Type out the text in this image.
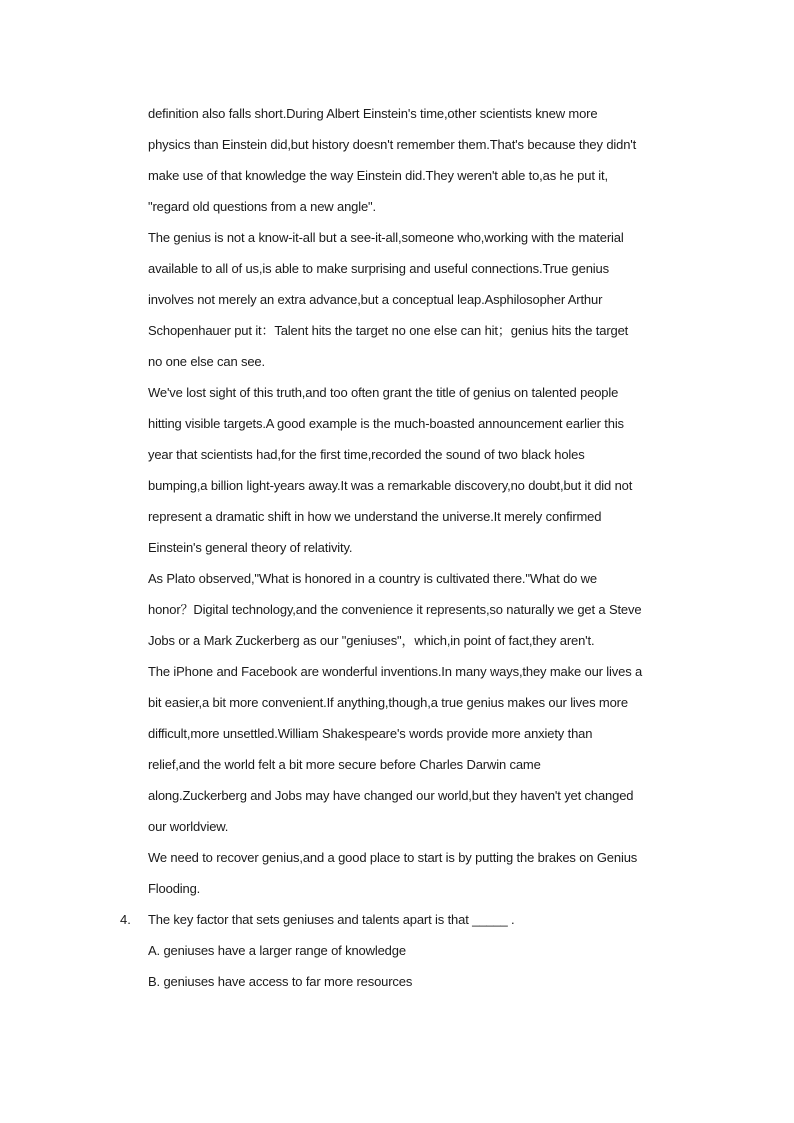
definition also falls short.During Albert Einstein's time,other scientists knew more
physics than Einstein did,but history doesn't remember them.That's because they didn't
make use of that knowledge the way Einstein did.They weren't able to,as he put it,
"regard old questions from a new angle".
The genius is not a know-it-all but a see-it-all,someone who,working with the material
available to all of us,is able to make surprising and useful connections.True genius
involves not merely an extra advance,but a conceptual leap.Asphilosopher Arthur
Schopenhauer put it：Talent hits the target no one else can hit；genius hits the target
no one else can see.
We've lost sight of this truth,and too often grant the title of genius on talented people
hitting visible targets.A good example is the much-boasted announcement earlier this
year that scientists had,for the first time,recorded the sound of two black holes
bumping,a billion light-years away.It was a remarkable discovery,no doubt,but it did not
represent a dramatic shift in how we understand the universe.It merely confirmed
Einstein's general theory of relativity.
As Plato observed,"What is honored in a country is cultivated there."What do we
honor？Digital technology,and the convenience it represents,so naturally we get a Steve
Jobs or a Mark Zuckerberg as our "geniuses"，which,in point of fact,they aren't.
The iPhone and Facebook are wonderful inventions.In many ways,they make our lives a
bit easier,a bit more convenient.If anything,though,a true genius makes our lives more
difficult,more unsettled.William Shakespeare's words provide more anxiety than
relief,and the world felt a bit more secure before Charles Darwin came
along.Zuckerberg and Jobs may have changed our world,but they haven't yet changed
our worldview.
We need to recover genius,and a good place to start is by putting the brakes on Genius
Flooding.
4. The key factor that sets geniuses and talents apart is that _____ .
A. geniuses have a larger range of knowledge
B. geniuses have access to far more resources
